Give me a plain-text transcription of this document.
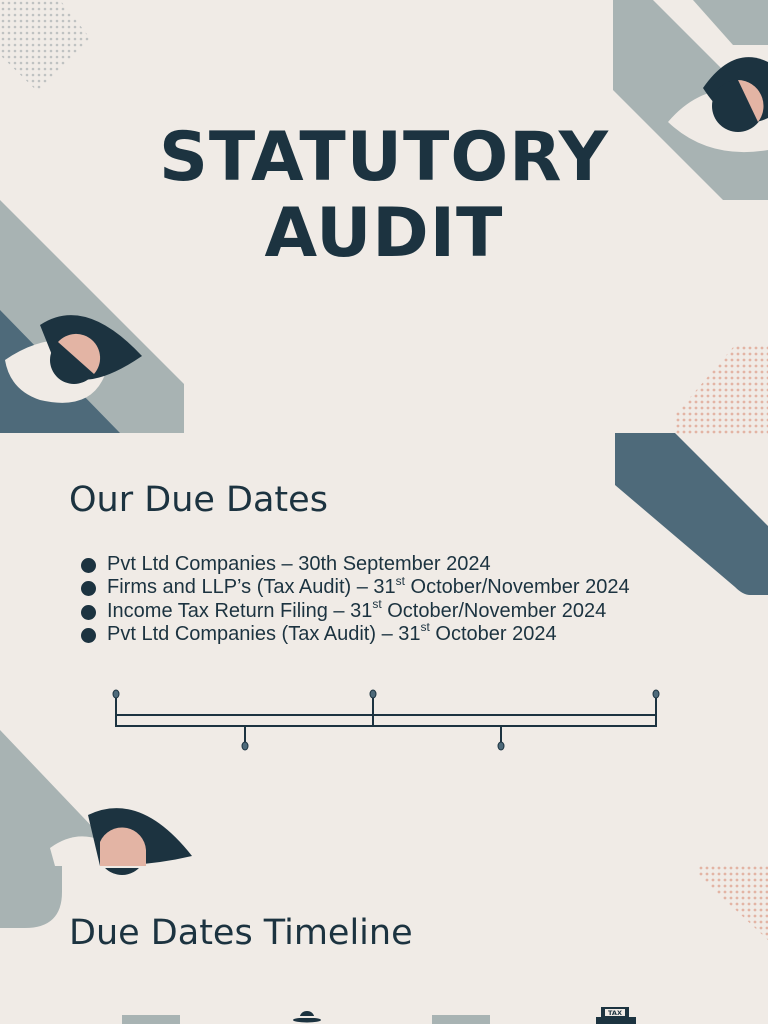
STATUTORY
AUDIT
Our Due Dates
Pvt Ltd Companies – 30th September 2024
Firms and LLP’s (Tax Audit) – 31st October/November 2024
Income Tax Return Filing – 31st October/November 2024
Pvt Ltd Companies (Tax Audit) – 31st October 2024
Due Dates Timeline
TAX
